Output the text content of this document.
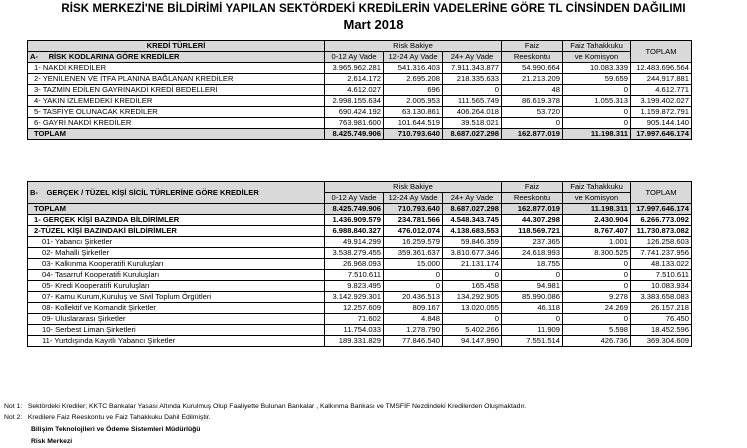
RİSK MERKEZİ'NE BİLDİRİMİ YAPILAN SEKTÖRDEKİ KREDİLERİN VADELERİNE GÖRE TL CİNSİNDEN DAĞILIMI
Mart 2018
KREDİ TÜRLERİ	Risk Bakiye			Faiz	Faiz Tahakkuku	TOPLAM
A- RİSK KODLARINA GÖRE KREDİLER	0-12 Ay Vade	12-24 Ay Vade	24+ Ay Vade	Reeskontu	ve Komisyon	
1- NAKDİ KREDİLER	3.965.962.281	541.316.403	7.911.343.877	54.990.664	10.083.339	12.483.696.564
2- YENİLENEN VE İTFA PLANINA BAĞLANAN KREDİLER	2.614.172	2.695.208	218.335.633	21.213.209	59.659	244.917.881
3- TAZMİN EDİLEN GAYRİNAKDİ KREDİ BEDELLERİ	4.612.027	696	0	48	0	4.612.771
4- YAKIN İZLEMEDEKİ KREDİLER	2.998.155.634	2.005.953	111.565.749	86.619.378	1.055.313	3.199.402.027
5- TASFİYE OLUNACAK KREDİLER	690.424.192	63.130.861	406.264.018	53.720	0	1.159.872.791
6- GAYRİ NAKDİ KREDİLER	763.981.600	101.644.519	39.518.021	0	0	905.144.140
TOPLAM	8.425.749.906	710.793.640	8.687.027.298	162.877.019	11.198.311	17.997.646.174
B- GERÇEK / TÜZEL KİŞİ SİCİL TÜRLERİNE GÖRE KREDİLER	Risk Bakiye			Faiz	Faiz Tahakkuku	TOPLAM
	0-12 Ay Vade	12-24 Ay Vade	24+ Ay Vade	Reeskontu	ve Komisyon	
TOPLAM	8.425.749.906	710.793.640	8.687.027.298	162.877.019	11.198.311	17.997.646.174
1- GERÇEK KİŞİ BAZINDA BİLDİRİMLER	1.436.909.579	234.781.566	4.548.343.745	44.307.298	2.430.904	6.266.773.092
2-TÜZEL KİŞİ BAZINDAKİ BİLDİRİMLER	6.988.840.327	476.012.074	4.138.683.553	118.569.721	8.767.407	11.730.873.082
01- Yabancı Şirketler	49.914.299	16.259.579	59.846.359	237.365	1.001	126.258.603
02- Mahalli Şirketler	3.538.279.455	359.361.637	3.810.677.346	24.618.993	8.300.525	7.741.237.956
03- Kalkınma Kooperatifi Kuruluşları	26.968.093	15.000	21.131.174	18.755	0	48.133.022
04- Tasarruf Kooperatifi Kuruluşları	7.510.611	0	0	0	0	7.510.611
05- Kredi Kooperatifi Kuruluşları	9.823.495	0	165.458	94.981	0	10.083.934
07- Kamu Kurum,Kuruluş ve Sivil Toplum Örgütleri	3.142.929.301	20.436.513	134.292.905	85.990.086	9.278	3.383.658.083
08- Kollektif ve Komandit Şirketler	12.257.609	809.167	13.020.055	46.118	24.269	26.157.218
09- Uluslararası Şirketler	71.602	4.848	0	0	0	76.450
10- Serbest Liman Şirketleri	11.754.033	1.278.790	5.402.266	11.909	5.598	18.452.596
11- Yurtdışında Kayıtlı Yabancı Şirketler	189.331.829	77.846.540	94.147.990	7.551.514	426.736	369.304.609
Not 1: Sektördeki Krediler; KKTC Bankalar Yasası Altında Kurulmuş Olup Faaliyette Bulunan Bankalar , Kalkınma Bankası ve TMSFİF Nezdindeki Kredilerden Oluşmaktadır.
Not 2: Kredilere Faiz Reeskontu ve Faiz Tahakkuku Dahil Edilmiştir.
Bilişim Teknolojileri ve Ödeme Sistemleri Müdürlüğü
Risk Merkezi
